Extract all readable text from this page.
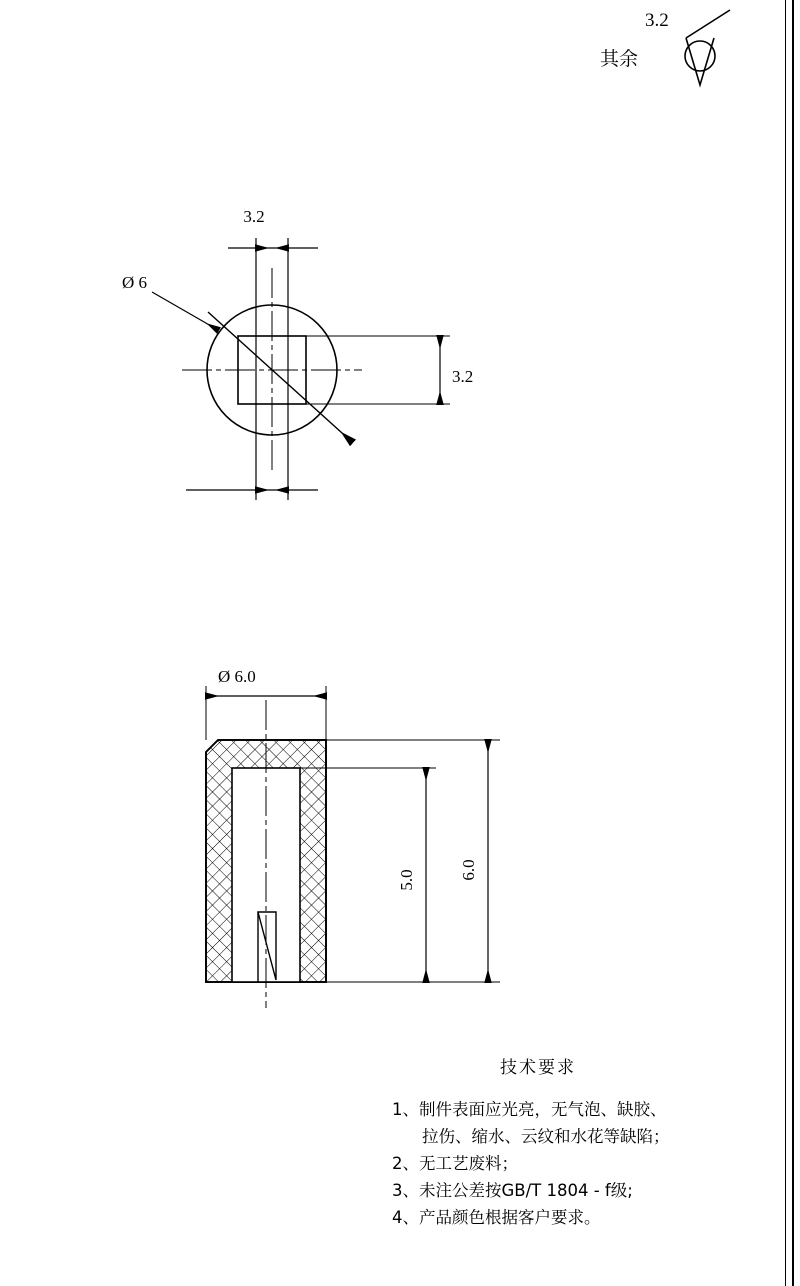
3.2
3.2
Ø 6
Ø 6.0
5.0	6.0
3.2
其余
技术要求
1、制件表面应光亮，无气泡、缺胶、
拉伤、缩水、云纹和水花等缺陷；
2、无工艺废料；
3、未注公差按GB/T 1804 - f级;
4、产品颜色根据客户要求。
